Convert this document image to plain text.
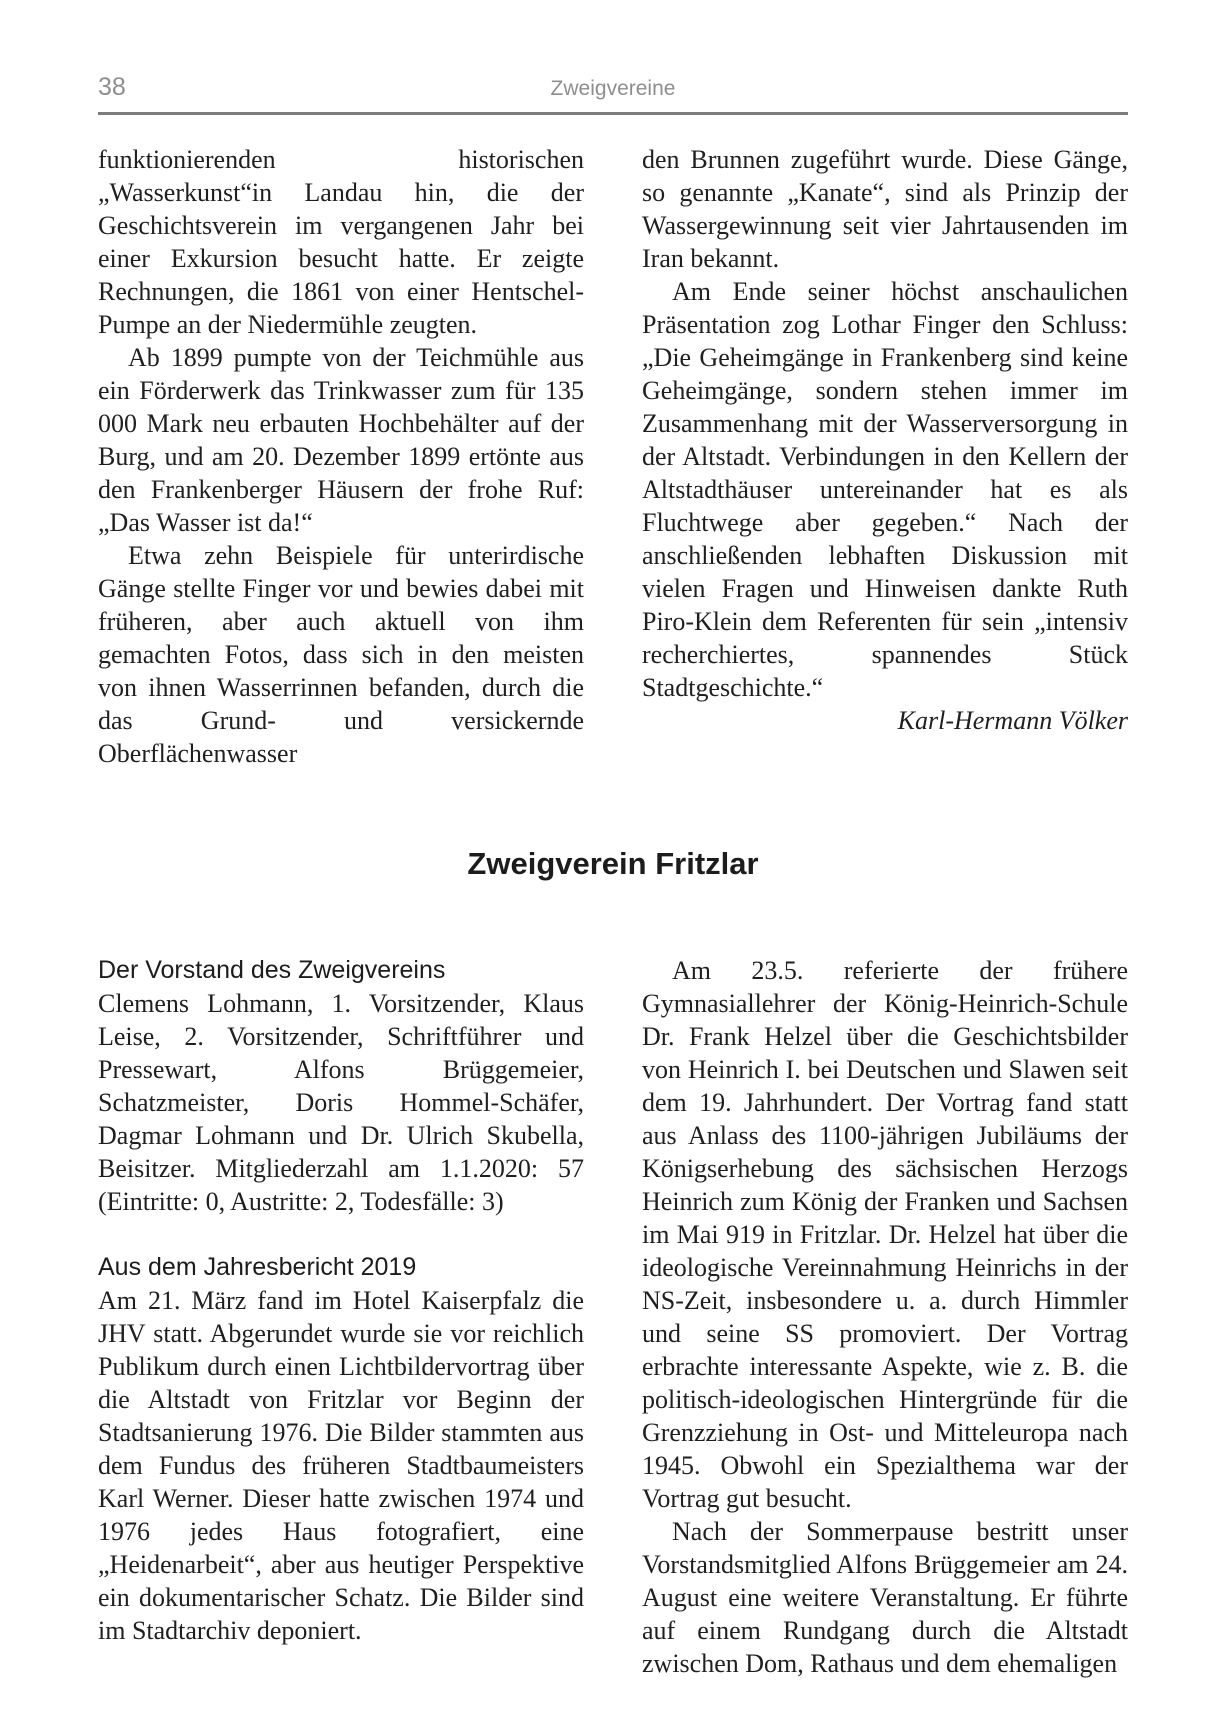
38	Zweigvereine

funktionierenden historischen „Wasserkunst“in Landau hin, die der Geschichtsverein im vergangenen Jahr bei einer Exkursion besucht hatte. Er zeigte Rechnungen, die 1861 von einer Hentschel-Pumpe an der Niedermühle zeugten.

Ab 1899 pumpte von der Teichmühle aus ein Förderwerk das Trinkwasser zum für 135 000 Mark neu erbauten Hochbehälter auf der Burg, und am 20. Dezember 1899 ertönte aus den Frankenberger Häusern der frohe Ruf: „Das Wasser ist da!“

Etwa zehn Beispiele für unterirdische Gänge stellte Finger vor und bewies dabei mit früheren, aber auch aktuell von ihm gemachten Fotos, dass sich in den meisten von ihnen Wasserrinnen befanden, durch die das Grund- und versickernde Oberflächenwasser

den Brunnen zugeführt wurde. Diese Gänge, so genannte „Kanate“, sind als Prinzip der Wassergewinnung seit vier Jahrtausenden im Iran bekannt.

Am Ende seiner höchst anschaulichen Präsentation zog Lothar Finger den Schluss: „Die Geheimgänge in Frankenberg sind keine Geheimgänge, sondern stehen immer im Zusammenhang mit der Wasserversorgung in der Altstadt. Verbindungen in den Kellern der Altstadthäuser untereinander hat es als Fluchtwege aber gegeben.“ Nach der anschließenden lebhaften Diskussion mit vielen Fragen und Hinweisen dankte Ruth Piro-Klein dem Referenten für sein „intensiv recherchiertes, spannendes Stück Stadtgeschichte.“

Karl-Hermann Völker

Zweigverein Fritzlar
Der Vorstand des Zweigvereins

Clemens Lohmann, 1. Vorsitzender, Klaus Leise, 2. Vorsitzender, Schriftführer und Pressewart, Alfons Brüggemeier, Schatzmeister, Doris Hommel-Schäfer, Dagmar Lohmann und Dr. Ulrich Skubella, Beisitzer. Mitgliederzahl am 1.1.2020: 57 (Eintritte: 0, Austritte: 2, Todesfälle: 3)

Aus dem Jahresbericht 2019

Am 21. März fand im Hotel Kaiserpfalz die JHV statt. Abgerundet wurde sie vor reichlich Publikum durch einen Lichtbildervortrag über die Altstadt von Fritzlar vor Beginn der Stadtsanierung 1976. Die Bilder stammten aus dem Fundus des früheren Stadtbaumeisters Karl Werner. Dieser hatte zwischen 1974 und 1976 jedes Haus fotografiert, eine „Heidenarbeit“, aber aus heutiger Perspektive ein dokumentarischer Schatz. Die Bilder sind im Stadtarchiv deponiert.

Am 23.5. referierte der frühere Gymnasiallehrer der König-Heinrich-Schule Dr. Frank Helzel über die Geschichtsbilder von Heinrich I. bei Deutschen und Slawen seit dem 19. Jahrhundert. Der Vortrag fand statt aus Anlass des 1100-jährigen Jubiläums der Königserhebung des sächsischen Herzogs Heinrich zum König der Franken und Sachsen im Mai 919 in Fritzlar. Dr. Helzel hat über die ideologische Vereinnahmung Heinrichs in der NS-Zeit, insbesondere u. a. durch Himmler und seine SS promoviert. Der Vortrag erbrachte interessante Aspekte, wie z. B. die politisch-ideologischen Hintergründe für die Grenzziehung in Ost- und Mitteleuropa nach 1945. Obwohl ein Spezialthema war der Vortrag gut besucht.

Nach der Sommerpause bestritt unser Vorstandsmitglied Alfons Brüggemeier am 24. August eine weitere Veranstaltung. Er führte auf einem Rundgang durch die Altstadt zwischen Dom, Rathaus und dem ehemaligen
